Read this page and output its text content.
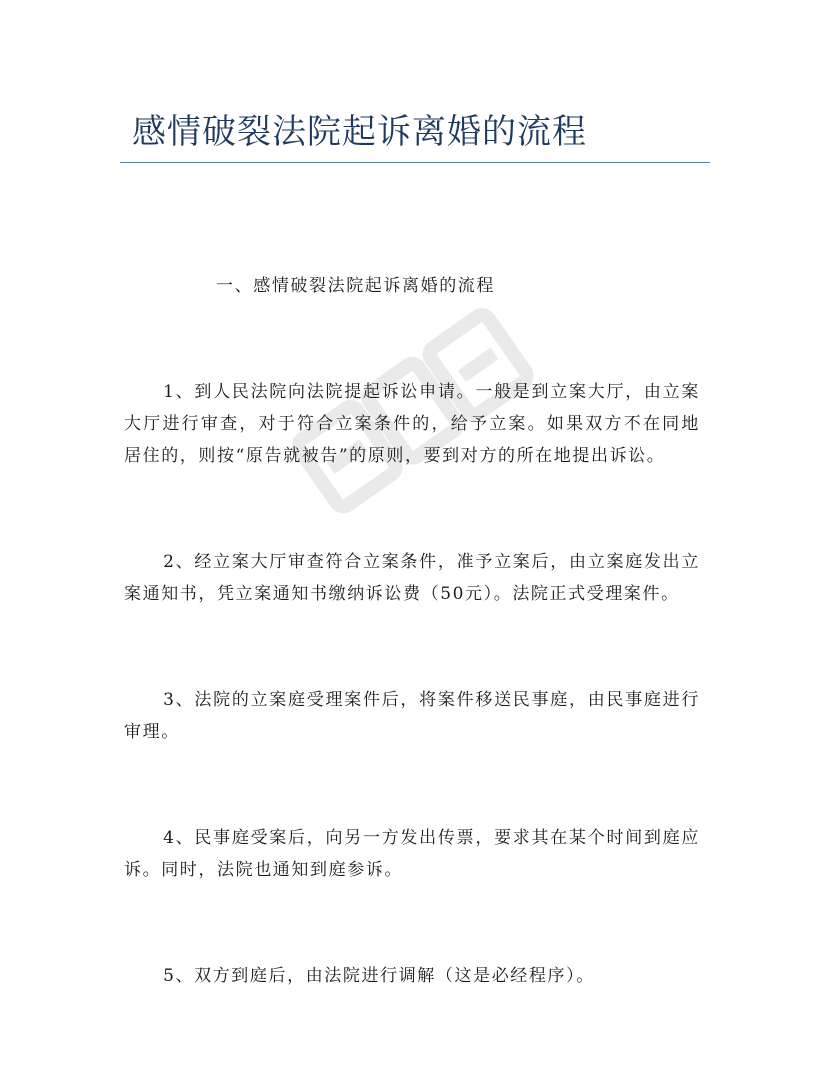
感情破裂法院起诉离婚的流程

一、感情破裂法院起诉离婚的流程

1、到人民法院向法院提起诉讼申请。一般是到立案大厅，由立案大厅进行审查，对于符合立案条件的，给予立案。如果双方不在同地居住的，则按“原告就被告”的原则，要到对方的所在地提出诉讼。

2、经立案大厅审查符合立案条件，准予立案后，由立案庭发出立案通知书，凭立案通知书缴纳诉讼费（50元）。法院正式受理案件。

3、法院的立案庭受理案件后，将案件移送民事庭，由民事庭进行审理。

4、民事庭受案后，向另一方发出传票，要求其在某个时间到庭应诉。同时，法院也通知到庭参诉。

5、双方到庭后，由法院进行调解（这是必经程序）。
